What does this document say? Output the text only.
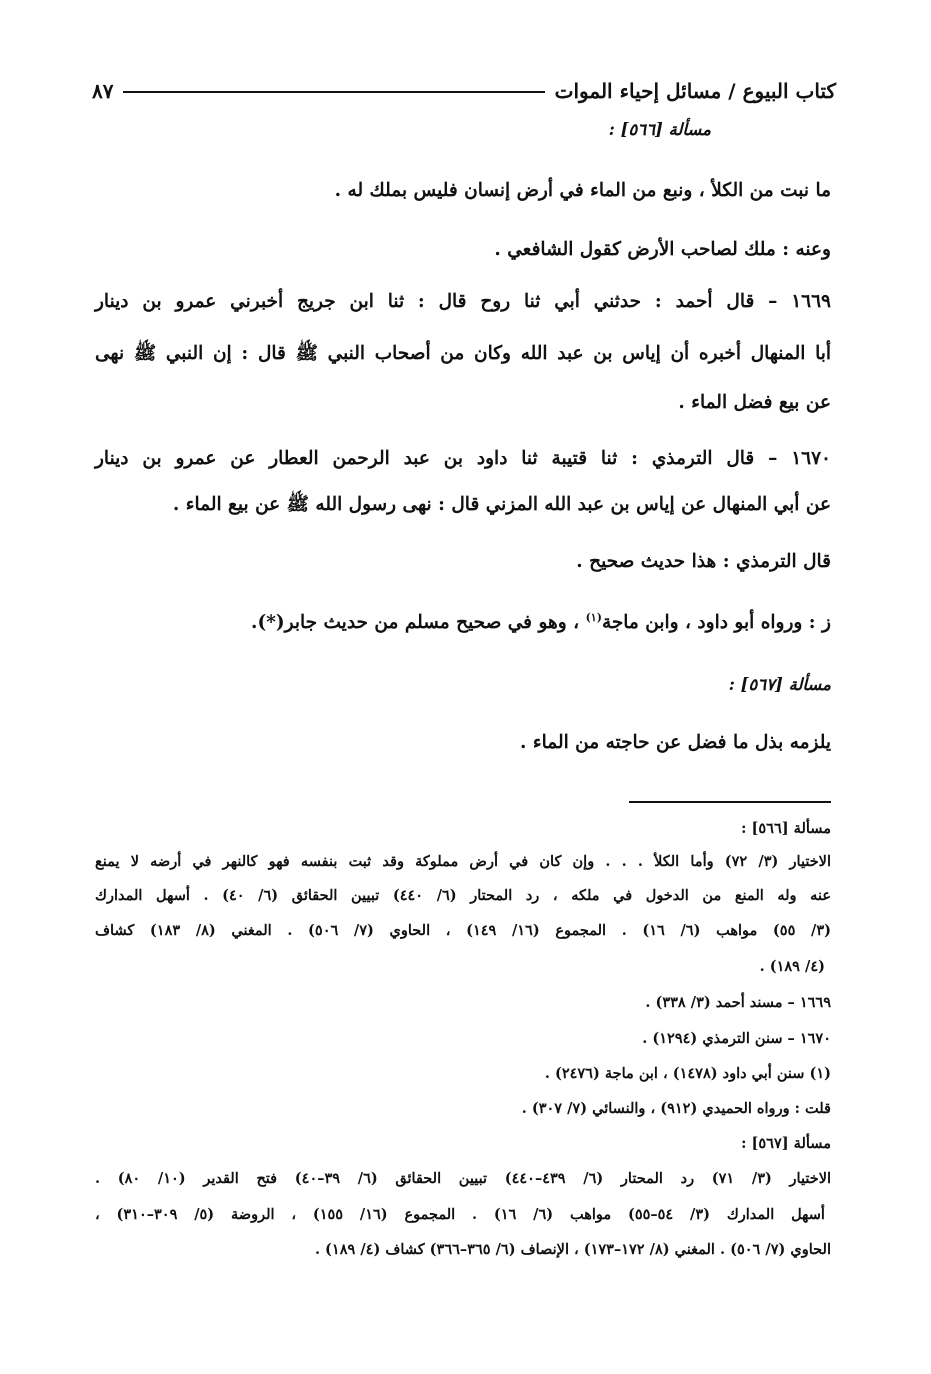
كتاب البيوع / مسائل إحياء الموات
٨٧
مسألة [٥٦٦] :
ما نبت من الكلأ ، ونبع من الماء في أرض إنسان فليس بملك له .
وعنه : ملك لصاحب الأرض كقول الشافعي .
١٦٦٩ – قال أحمد : حدثني أبي ثنا روح قال : ثنا ابن جريج أخبرني عمرو بن دينار
أبا المنهال أخبره أن إياس بن عبد الله وكان من أصحاب النبي ﷺ قال : إن النبي ﷺ نهى
عن بيع فضل الماء .
١٦٧٠ – قال الترمذي : ثنا قتيبة ثنا داود بن عبد الرحمن العطار عن عمرو بن دينار
عن أبي المنهال عن إياس بن عبد الله المزني قال : نهى رسول الله ﷺ عن بيع الماء .
قال الترمذي : هذا حديث صحيح .
ز : ورواه أبو داود ، وابن ماجة$^{(١)}$ ، وهو في صحيح مسلم من حديث جابر(*).
مسألة [٥٦٧] :
يلزمه بذل ما فضل عن حاجته من الماء .
مسألة [٥٦٦] :
الاختيار (٣/ ٧٢) وأما الكلأ . . . وإن كان في أرض مملوكة وقد ثبت بنفسه فهو كالنهر في أرضه لا يمنع
عنه وله المنع من الدخول في ملكه ، رد المحتار (٦/ ٤٤٠) تبيين الحقائق (٦/ ٤٠) . أسهل المدارك
(٣/ ٥٥) مواهب (٦/ ١٦) . المجموع (١٦/ ١٤٩) ، الحاوي (٧/ ٥٠٦) . المغني (٨/ ١٨٣) كشاف
(٤/ ١٨٩) .
١٦٦٩ – مسند أحمد (٣/ ٣٣٨) .
١٦٧٠ – سنن الترمذي (١٢٩٤) .
(١) سنن أبي داود (١٤٧٨) ، ابن ماجة (٢٤٧٦) .
قلت : ورواه الحميدي (٩١٢) ، والنسائي (٧/ ٣٠٧) .
مسألة [٥٦٧] :
الاختيار (٣/ ٧١) رد المحتار (٦/ ٤٣٩–٤٤٠) تبيين الحقائق (٦/ ٣٩–٤٠) فتح القدير (١٠/ ٨٠) .
أسهل المدارك (٣/ ٥٤–٥٥) مواهب (٦/ ١٦) . المجموع (١٦/ ١٥٥) ، الروضة (٥/ ٣٠٩–٣١٠) ،
الحاوي (٧/ ٥٠٦) . المغني (٨/ ١٧٢–١٧٣) ، الإنصاف (٦/ ٣٦٥–٣٦٦) كشاف (٤/ ١٨٩) .
